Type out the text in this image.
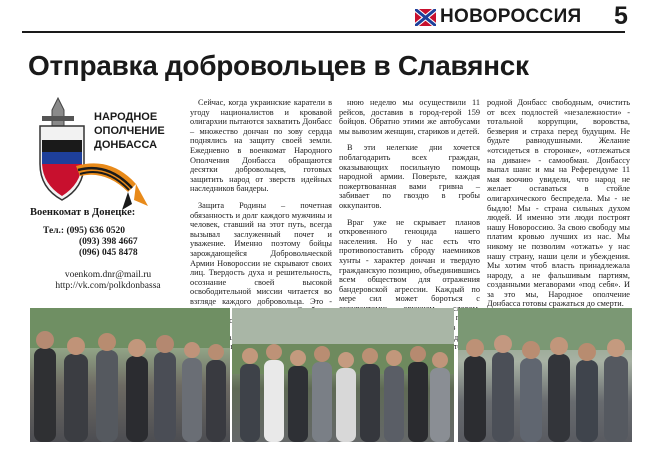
НОВОРОССИЯ 5
Отправка добровольцев в Славянск
НАРОДНОЕ
ОПОЛЧЕНИЕ
ДОНБАССА
Военкомат в Донецке:
Тел.: (095) 636 0520
(093) 398 4667
(096) 045 8478
voenkom.dnr@mail.ru
http://vk.com/polkdonbassa

Сейчас, когда украинские каратели в угоду националистов и кровавой олигархии пытаются захватить Донбасс – множество дончан по зову сердца поднялись на защиту своей земли. Ежедневно в военкомат Народного Ополчения Донбасса обращаются десятки добровольцев, готовых защитить народ от зверств идейных наследников бандеры.

Защита Родины – почетная обязанность и долг каждого мужчины и человек, ставший на этот путь, всегда вызывал заслуженный почет и уважение. Именно поэтому бойцы зарождающейся Добровольческой Армии Новороссии не скрывают своих лиц. Твердость духа и решительность, осознание своей высокой освободительной миссии читается во взгляде каждого добровольца. Это -

нюю неделю мы осуществили 11 рейсов, доставив в город-герой 159 бойцов. Обратно этими же автобусами мы вывозим женщин, стариков и детей.

В эти нелегкие дни хочется поблагодарить всех граждан, оказывающих посильную помощь народной армии. Поверьте, каждая пожертвованная вами гривна – забивает по гвоздю в гробы оккупантов.

Враг уже не скрывает планов откровенного геноцида нашего населения. Но у нас есть что противопоставить сброду наемников хунты - характер дончан и твердую гражданскую позицию, объединившись всем обществом для отражения бандеровской агрессии. Каждый по мере сил может бороться с

родной Донбасс свободным, очистить от всех подлостей «незалежности» - тотальной коррупции, воровства, безверия и страха перед будущим. Не будьте равнодушными. Желание «отсидеться в сторонке», «отлежаться на диване» - самообман. Донбассу выпал шанс и мы на Референдуме 11 мая воочию увидели, что народ не желает оставаться в стойле олигархического беспредела. Мы - не быдло! Мы - страна сильных духом людей. И именно эти люди построят нашу Новороссию. За свою свободу мы платим кровью лучших из нас. Мы никому не позволим «отжать» у нас нашу страну, наши цели и убеждения. Мы хотим чтоб власть принадлежала народу, а не фальшивым партиям, созданными мегаворами «под себя». И за это мы, Народное ополчение Донбасса готовы сражаться до смерти.
